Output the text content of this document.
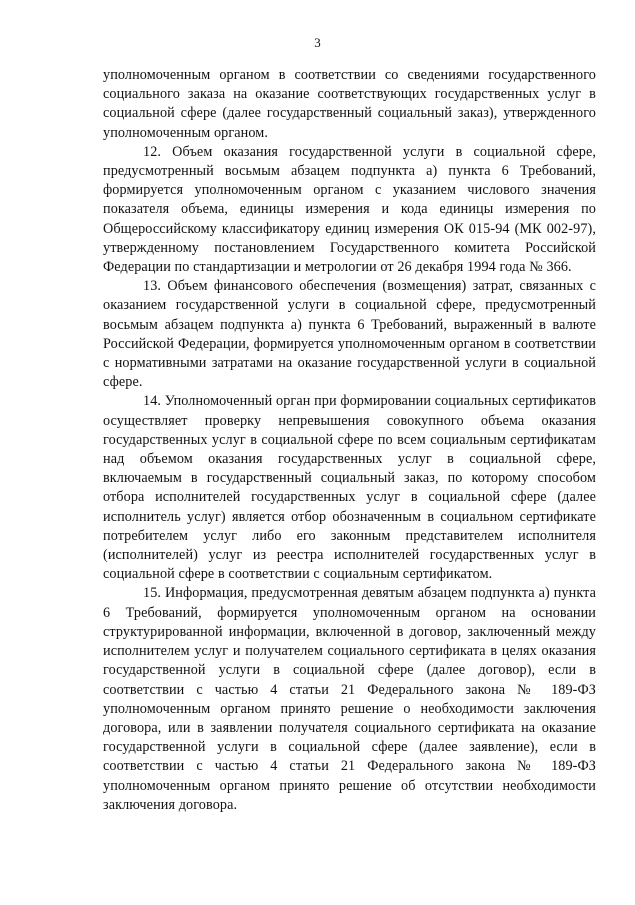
3

уполномоченным органом в соответствии со сведениями государственного социального заказа на оказание соответствующих государственных услуг в социальной сфере (далее государственный социальный заказ), утвержденного уполномоченным органом.

12. Объем оказания государственной услуги в социальной сфере, предусмотренный восьмым абзацем подпункта а) пункта 6 Требований, формируется уполномоченным органом с указанием числового значения показателя объема, единицы измерения и кода единицы измерения по Общероссийскому классификатору единиц измерения ОК 015-94 (МК 002-97), утвержденному постановлением Государственного комитета Российской Федерации по стандартизации и метрологии от 26 декабря 1994 года № 366.

13. Объем финансового обеспечения (возмещения) затрат, связанных с оказанием государственной услуги в социальной сфере, предусмотренный восьмым абзацем подпункта а) пункта 6 Требований, выраженный в валюте Российской Федерации, формируется уполномоченным органом в соответствии с нормативными затратами на оказание государственной услуги в социальной сфере.

14. Уполномоченный орган при формировании социальных сертификатов осуществляет проверку непревышения совокупного объема оказания государственных услуг в социальной сфере по всем социальным сертификатам над объемом оказания государственных услуг в социальной сфере, включаемым в государственный социальный заказ, по которому способом отбора исполнителей государственных услуг в социальной сфере (далее исполнитель услуг) является отбор обозначенным в социальном сертификате потребителем услуг либо его законным представителем исполнителя (исполнителей) услуг из реестра исполнителей государственных услуг в социальной сфере в соответствии с социальным сертификатом.

15. Информация, предусмотренная девятым абзацем подпункта а) пункта 6 Требований, формируется уполномоченным органом на основании структурированной информации, включенной в договор, заключенный между исполнителем услуг и получателем социального сертификата в целях оказания государственной услуги в социальной сфере (далее договор), если в соответствии с частью 4 статьи 21 Федерального закона № 189-ФЗ уполномоченным органом принято решение о необходимости заключения договора, или в заявлении получателя социального сертификата на оказание государственной услуги в социальной сфере (далее заявление), если в соответствии с частью 4 статьи 21 Федерального закона № 189-ФЗ уполномоченным органом принято решение об отсутствии необходимости заключения договора.
